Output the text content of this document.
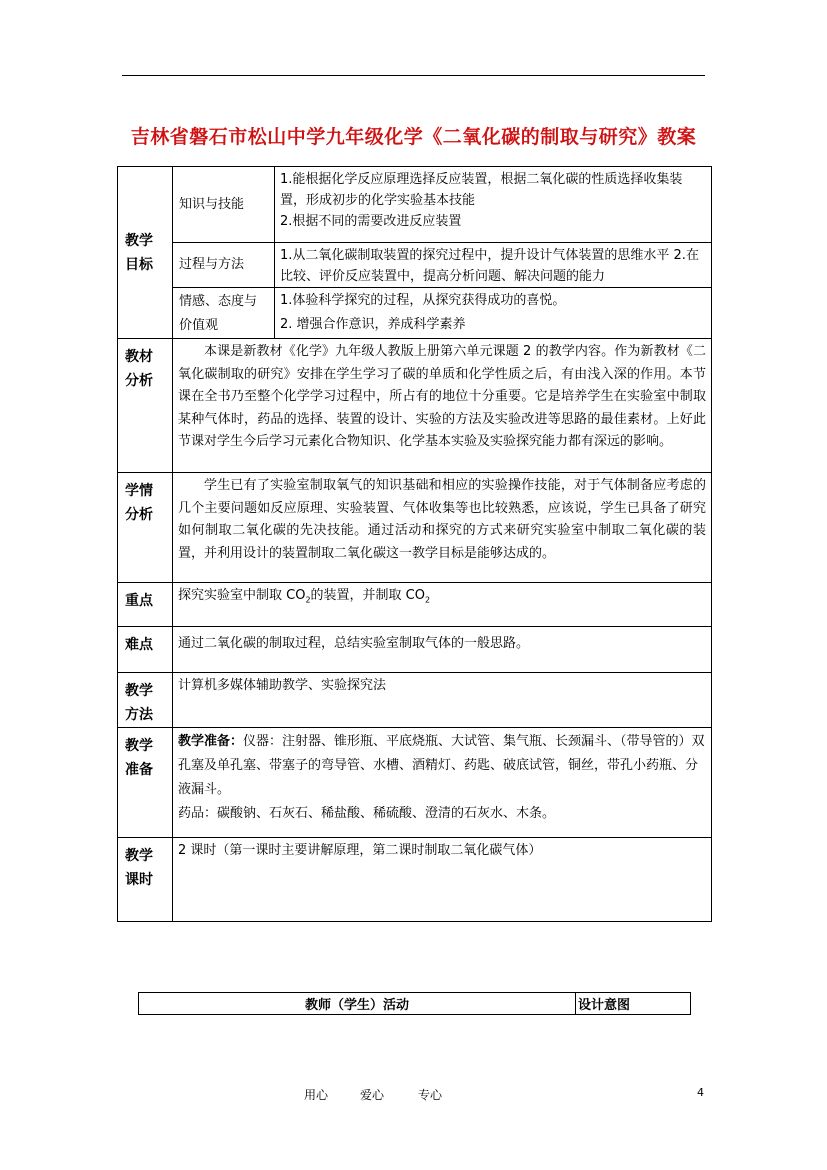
吉林省磐石市松山中学九年级化学《二氧化碳的制取与研究》教案
教学目标	知识与技能	1.能根据化学反应原理选择反应装置，根据二氧化碳的性质选择收集装置，形成初步的化学实验基本技能
2.根据不同的需要改进反应装置

	过程与方法	1.从二氧化碳制取装置的探究过程中，提升设计气体装置的思维水平 2.在比较、评价反应装置中，提高分析问题、解决问题的能力

	情感、态度与价值观	1.体验科学探究的过程，从探究获得成功的喜悦。
2. 增强合作意识，养成科学素养

教材分析	本课是新教材《化学》九年级人教版上册第六单元课题 2 的教学内容。作为新教材《二氧化碳制取的研究》安排在学生学习了碳的单质和化学性质之后，有由浅入深的作用。本节课在全书乃至整个化学学习过程中，所占有的地位十分重要。它是培养学生在实验室中制取某种气体时，药品的选择、装置的设计、实验的方法及实验改进等思路的最佳素材。上好此节课对学生今后学习元素化合物知识、化学基本实验及实验探究能力都有深远的影响。	

学情分析	学生已有了实验室制取氧气的知识基础和相应的实验操作技能，对于气体制备应考虑的几个主要问题如反应原理、实验装置、气体收集等也比较熟悉，应该说，学生已具备了研究如何制取二氧化碳的先决技能。通过活动和探究的方式来研究实验室中制取二氧化碳的装置，并利用设计的装置制取二氧化碳这一教学目标是能够达成的。	
重点	探究实验室中制取 $CO_2$的装置，并制取 $CO_2$
难点	通过二氧化碳的制取过程，总结实验室制取气体的一般思路。	

教学方法	计算机多媒体辅助教学、实验探究法	

教学准备	教学准备：仪器：注射器、锥形瓶、平底烧瓶、大试管、集气瓶、长颈漏斗、（带导管的）双孔塞及单孔塞、带塞子的弯导管、水槽、酒精灯、药匙、破底试管，铜丝，带孔小药瓶、分液漏斗。
药品：碳酸钠、石灰石、稀盐酸、稀硫酸、澄清的石灰水、木条。	

教学课时	2 课时（第一课时主要讲解原理，第二课时制取二氧化碳气体）	
教师（学生）活动	设计意图
用心	爱心	专心	4
